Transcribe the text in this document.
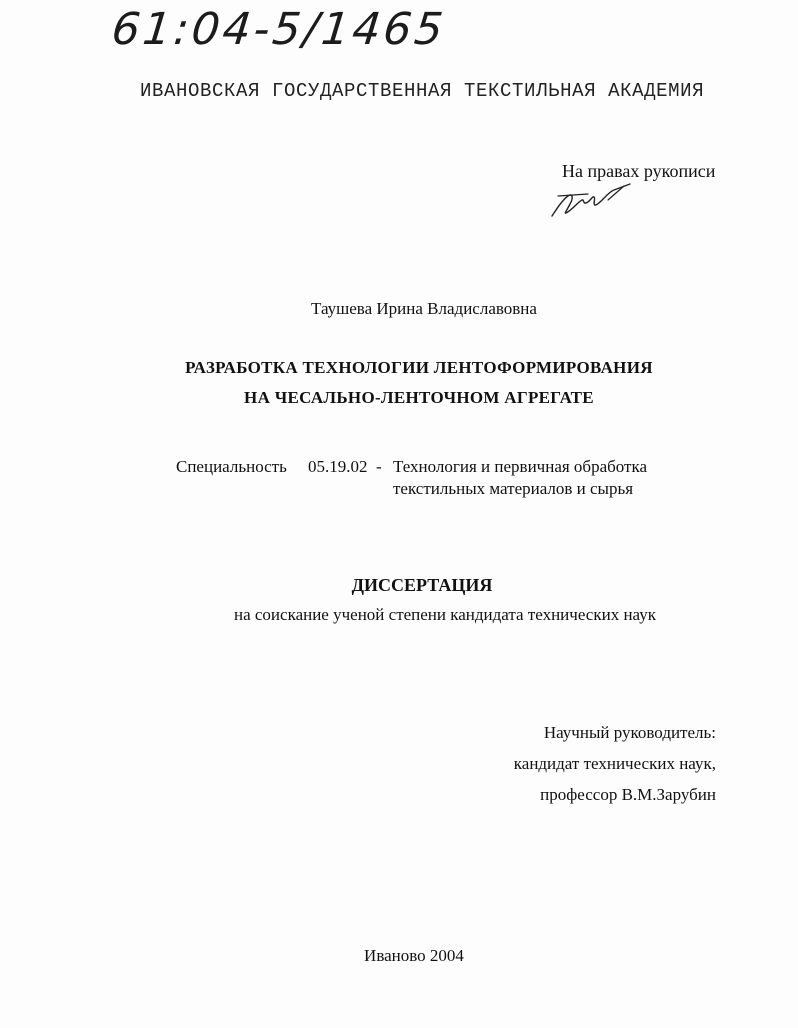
61:04-5/1465
ИВАНОВСКАЯ ГОСУДАРСТВЕННАЯ ТЕКСТИЛЬНАЯ АКАДЕМИЯ
На правах рукописи
Таушева Ирина Владиславовна
РАЗРАБОТКА ТЕХНОЛОГИИ ЛЕНТОФОРМИРОВАНИЯ
НА ЧЕСАЛЬНО-ЛЕНТОЧНОМ АГРЕГАТЕ
Специальность 05.19.02 - Технология и первичная обработка
текстильных материалов и сырья
ДИССЕРТАЦИЯ
на соискание ученой степени кандидата технических наук
Научный руководитель:
кандидат технических наук,
профессор В.М.Зарубин
Иваново 2004
